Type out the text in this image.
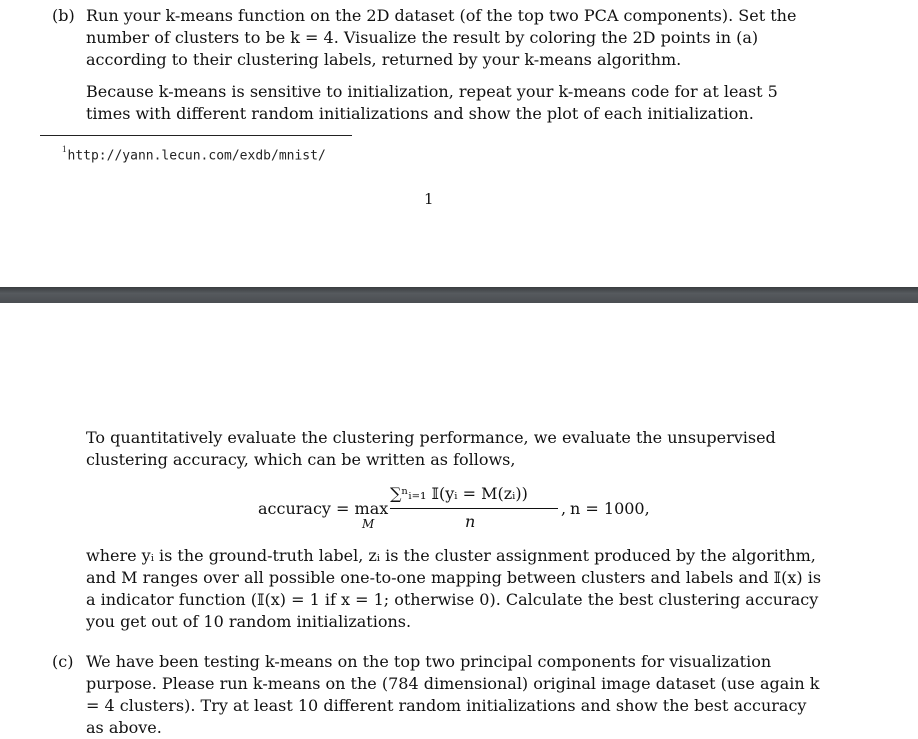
(b) Run your k-means function on the 2D dataset (of the top two PCA components). Set the number of clusters to be k = 4. Visualize the result by coloring the 2D points in (a) according to their clustering labels, returned by your k-means algorithm.

Because k-means is sensitive to initialization, repeat your k-means code for at least 5 times with different random initializations and show the plot of each initialization.

$^1$http://yann.lecun.com/exdb/mnist/
1

To quantitatively evaluate the clustering performance, we evaluate the unsupervised clustering accuracy, which can be written as follows,

accuracy = max
M
∑ⁿᵢ₌₁ 𝕀(yᵢ = M(zᵢ))
n
, n = 1000,

where yᵢ is the ground-truth label, zᵢ is the cluster assignment produced by the algorithm, and M ranges over all possible one-to-one mapping between clusters and labels and 𝕀(x) is a indicator function (𝕀(x) = 1 if x = 1; otherwise 0). Calculate the best clustering accuracy you get out of 10 random initializations.

(c) We have been testing k-means on the top two principal components for visualization purpose. Please run k-means on the (784 dimensional) original image dataset (use again k = 4 clusters). Try at least 10 different random initializations and show the best accuracy as above.
